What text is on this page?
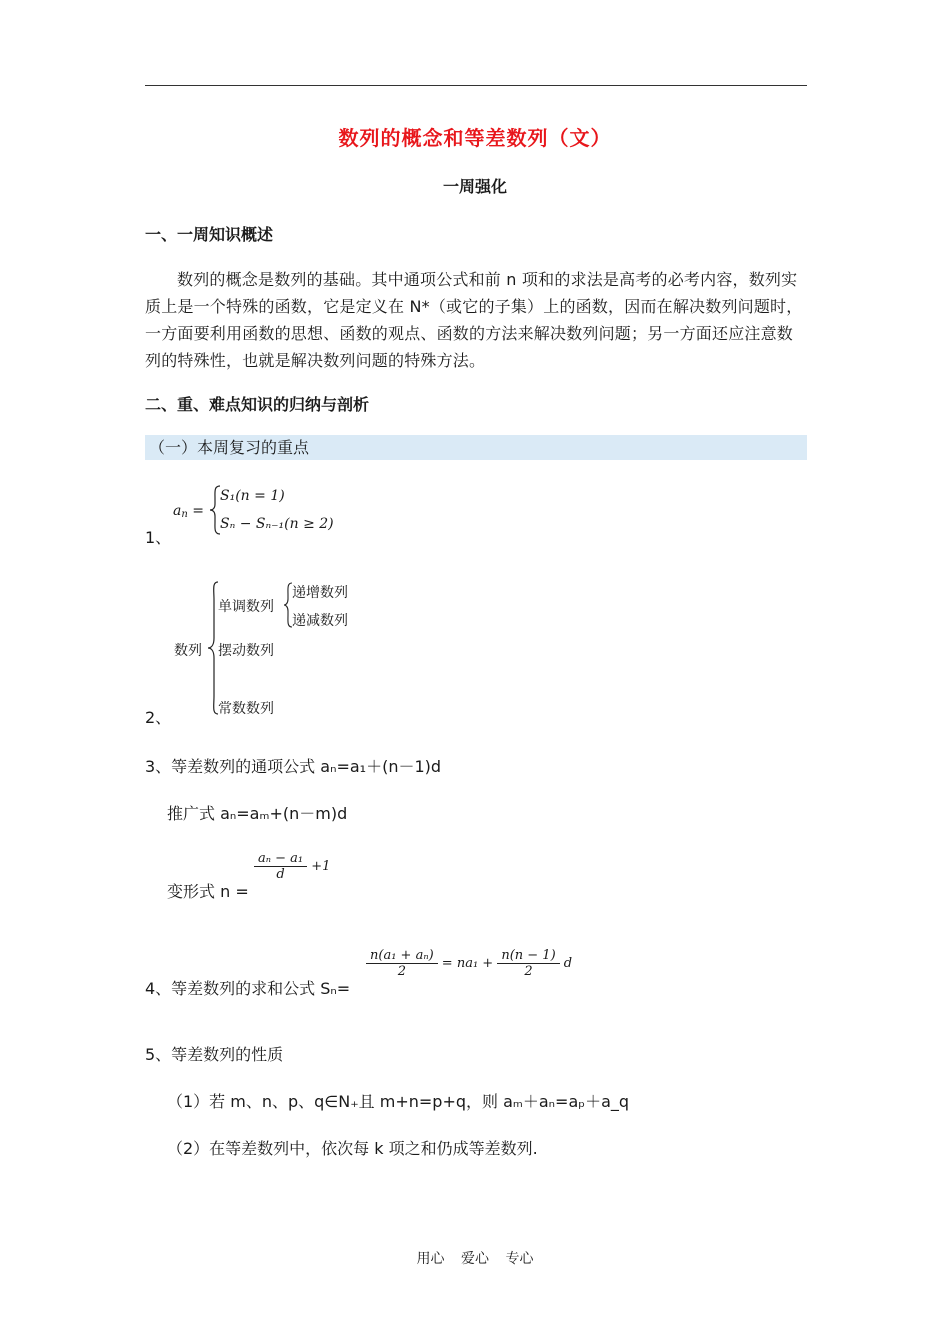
数列的概念和等差数列（文）
一周强化
一、一周知识概述
数列的概念是数列的基础。其中通项公式和前 n 项和的求法是高考的必考内容，数列实质上是一个特殊的函数，它是定义在 N*（或它的子集）上的函数，因而在解决数列问题时，一方面要利用函数的思想、函数的观点、函数的方法来解决数列问题；另一方面还应注意数列的特殊性，也就是解决数列问题的特殊方法。
二、重、难点知识的归纳与剖析
（一）本周复习的重点
1、
$a_n$ =
S₁(n = 1)
Sₙ − Sₙ₋₁(n ≥ 2)
2、
数列
单调数列
递增数列
递减数列
摆动数列
常数数列
3、等差数列的通项公式 aₙ=a₁＋(n－1)d
推广式 aₙ=aₘ+(n－m)d
变形式 n =
$\frac{\text{aₙ − a₁}}{d} +1$
4、等差数列的求和公式 Sₙ=
$\frac{\text{n(a₁ + aₙ)}}{2} = na_1 + \frac{n(n - 1)}{2}$ d
5、等差数列的性质
（1）若 m、n、p、q∈N₊且 m+n=p+q，则 aₘ＋aₙ=aₚ＋a_q
（2）在等差数列中，依次每 k 项之和仍成等差数列.
用心 爱心 专心
